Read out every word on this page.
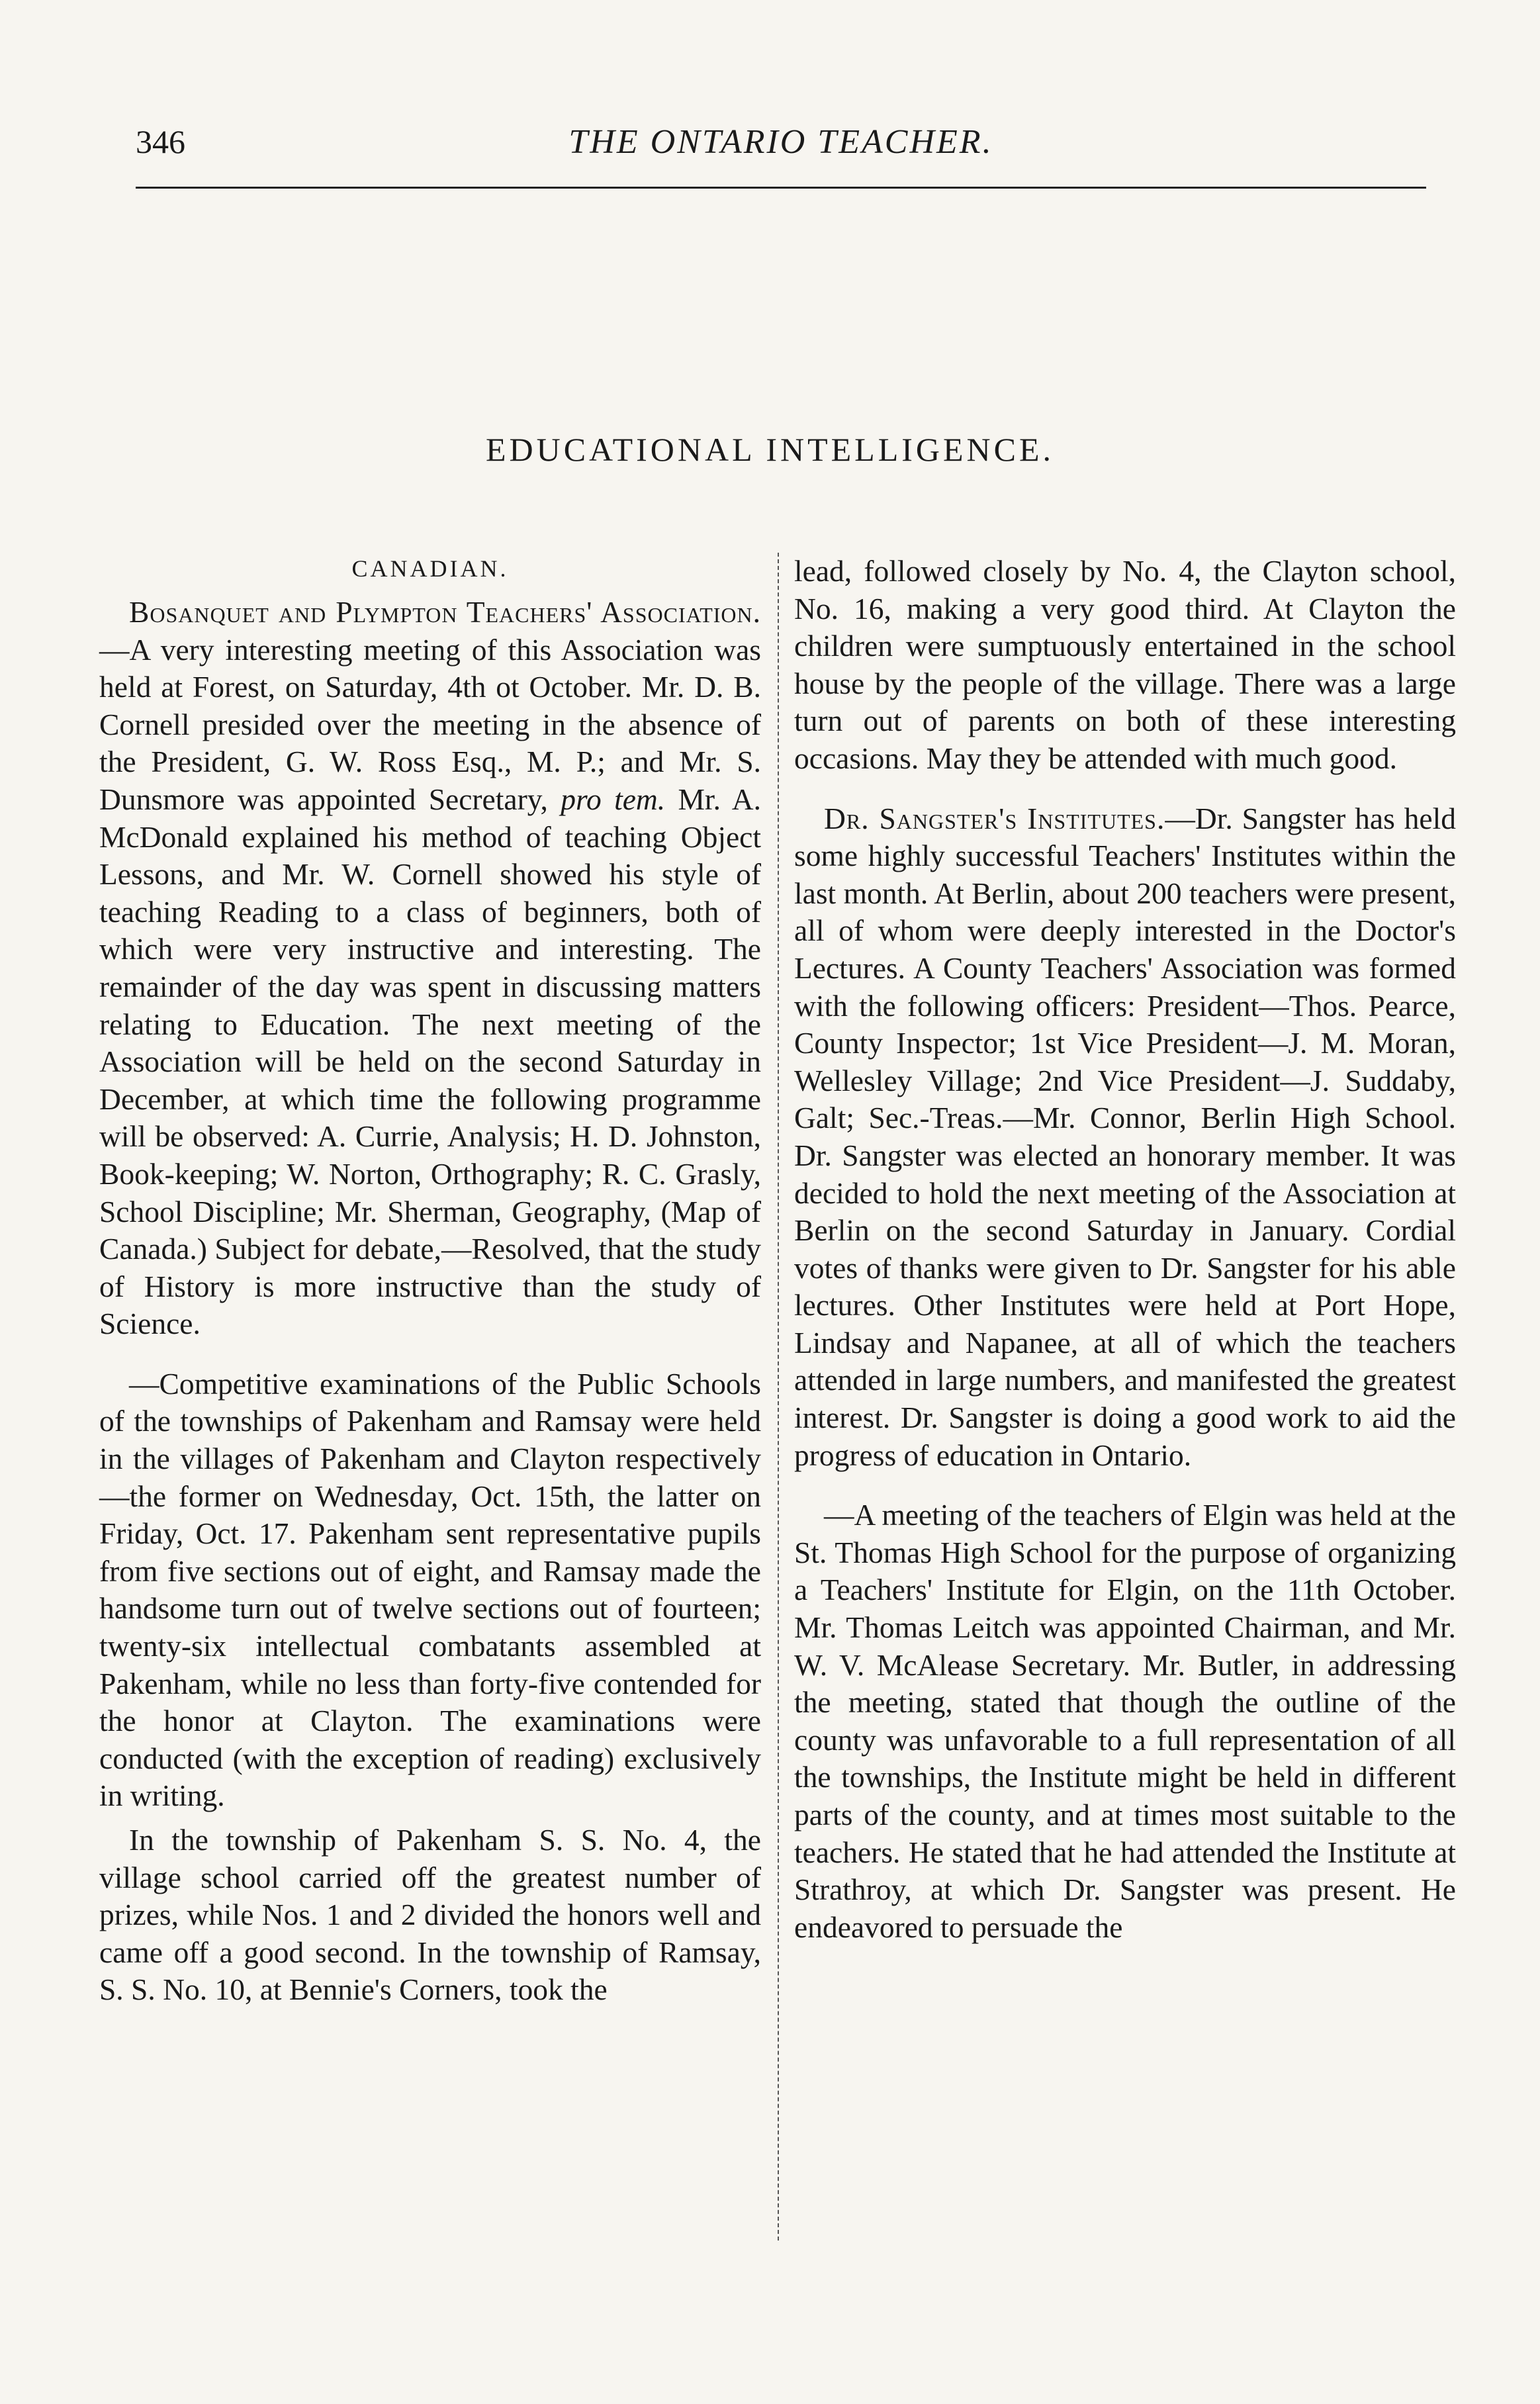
346	THE ONTARIO TEACHER.
EDUCATIONAL INTELLIGENCE.
CANADIAN.

Bosanquet and Plympton Teachers' Association.—A very interesting meeting of this Association was held at Forest, on Saturday, 4th ot October. Mr. D. B. Cornell presided over the meeting in the absence of the President, G. W. Ross Esq., M. P.; and Mr. S. Dunsmore was appointed Secretary, pro tem. Mr. A. McDonald explained his method of teaching Object Lessons, and Mr. W. Cornell showed his style of teaching Reading to a class of beginners, both of which were very instructive and interesting. The remainder of the day was spent in discussing matters relating to Education. The next meeting of the Association will be held on the second Saturday in December, at which time the following programme will be observed: A. Currie, Analysis; H. D. Johnston, Book-keeping; W. Norton, Orthography; R. C. Grasly, School Discipline; Mr. Sherman, Geography, (Map of Canada.) Subject for debate,—Resolved, that the study of History is more instructive than the study of Science.

—Competitive examinations of the Public Schools of the townships of Pakenham and Ramsay were held in the villages of Pakenham and Clayton respectively—the former on Wednesday, Oct. 15th, the latter on Friday, Oct. 17. Pakenham sent representative pupils from five sections out of eight, and Ramsay made the handsome turn out of twelve sections out of fourteen; twenty-six intellectual combatants assembled at Pakenham, while no less than forty-five contended for the honor at Clayton. The examinations were conducted (with the exception of reading) exclusively in writing.

In the township of Pakenham S. S. No. 4, the village school carried off the greatest number of prizes, while Nos. 1 and 2 divided the honors well and came off a good second. In the township of Ramsay, S. S. No. 10, at Bennie's Corners, took the

lead, followed closely by No. 4, the Clayton school, No. 16, making a very good third. At Clayton the children were sumptuously entertained in the school house by the people of the village. There was a large turn out of parents on both of these interesting occasions. May they be attended with much good.

Dr. Sangster's Institutes.—Dr. Sangster has held some highly successful Teachers' Institutes within the last month. At Berlin, about 200 teachers were present, all of whom were deeply interested in the Doctor's Lectures. A County Teachers' Association was formed with the following officers: President—Thos. Pearce, County Inspector; 1st Vice President—J. M. Moran, Wellesley Village; 2nd Vice President—J. Suddaby, Galt; Sec.-Treas.—Mr. Connor, Berlin High School. Dr. Sangster was elected an honorary member. It was decided to hold the next meeting of the Association at Berlin on the second Saturday in January. Cordial votes of thanks were given to Dr. Sangster for his able lectures. Other Institutes were held at Port Hope, Lindsay and Napanee, at all of which the teachers attended in large numbers, and manifested the greatest interest. Dr. Sangster is doing a good work to aid the progress of education in Ontario.

—A meeting of the teachers of Elgin was held at the St. Thomas High School for the purpose of organizing a Teachers' Institute for Elgin, on the 11th October. Mr. Thomas Leitch was appointed Chairman, and Mr. W. V. McAlease Secretary. Mr. Butler, in addressing the meeting, stated that though the outline of the county was unfavorable to a full representation of all the townships, the Institute might be held in different parts of the county, and at times most suitable to the teachers. He stated that he had attended the Institute at Strathroy, at which Dr. Sangster was present. He endeavored to persuade the
